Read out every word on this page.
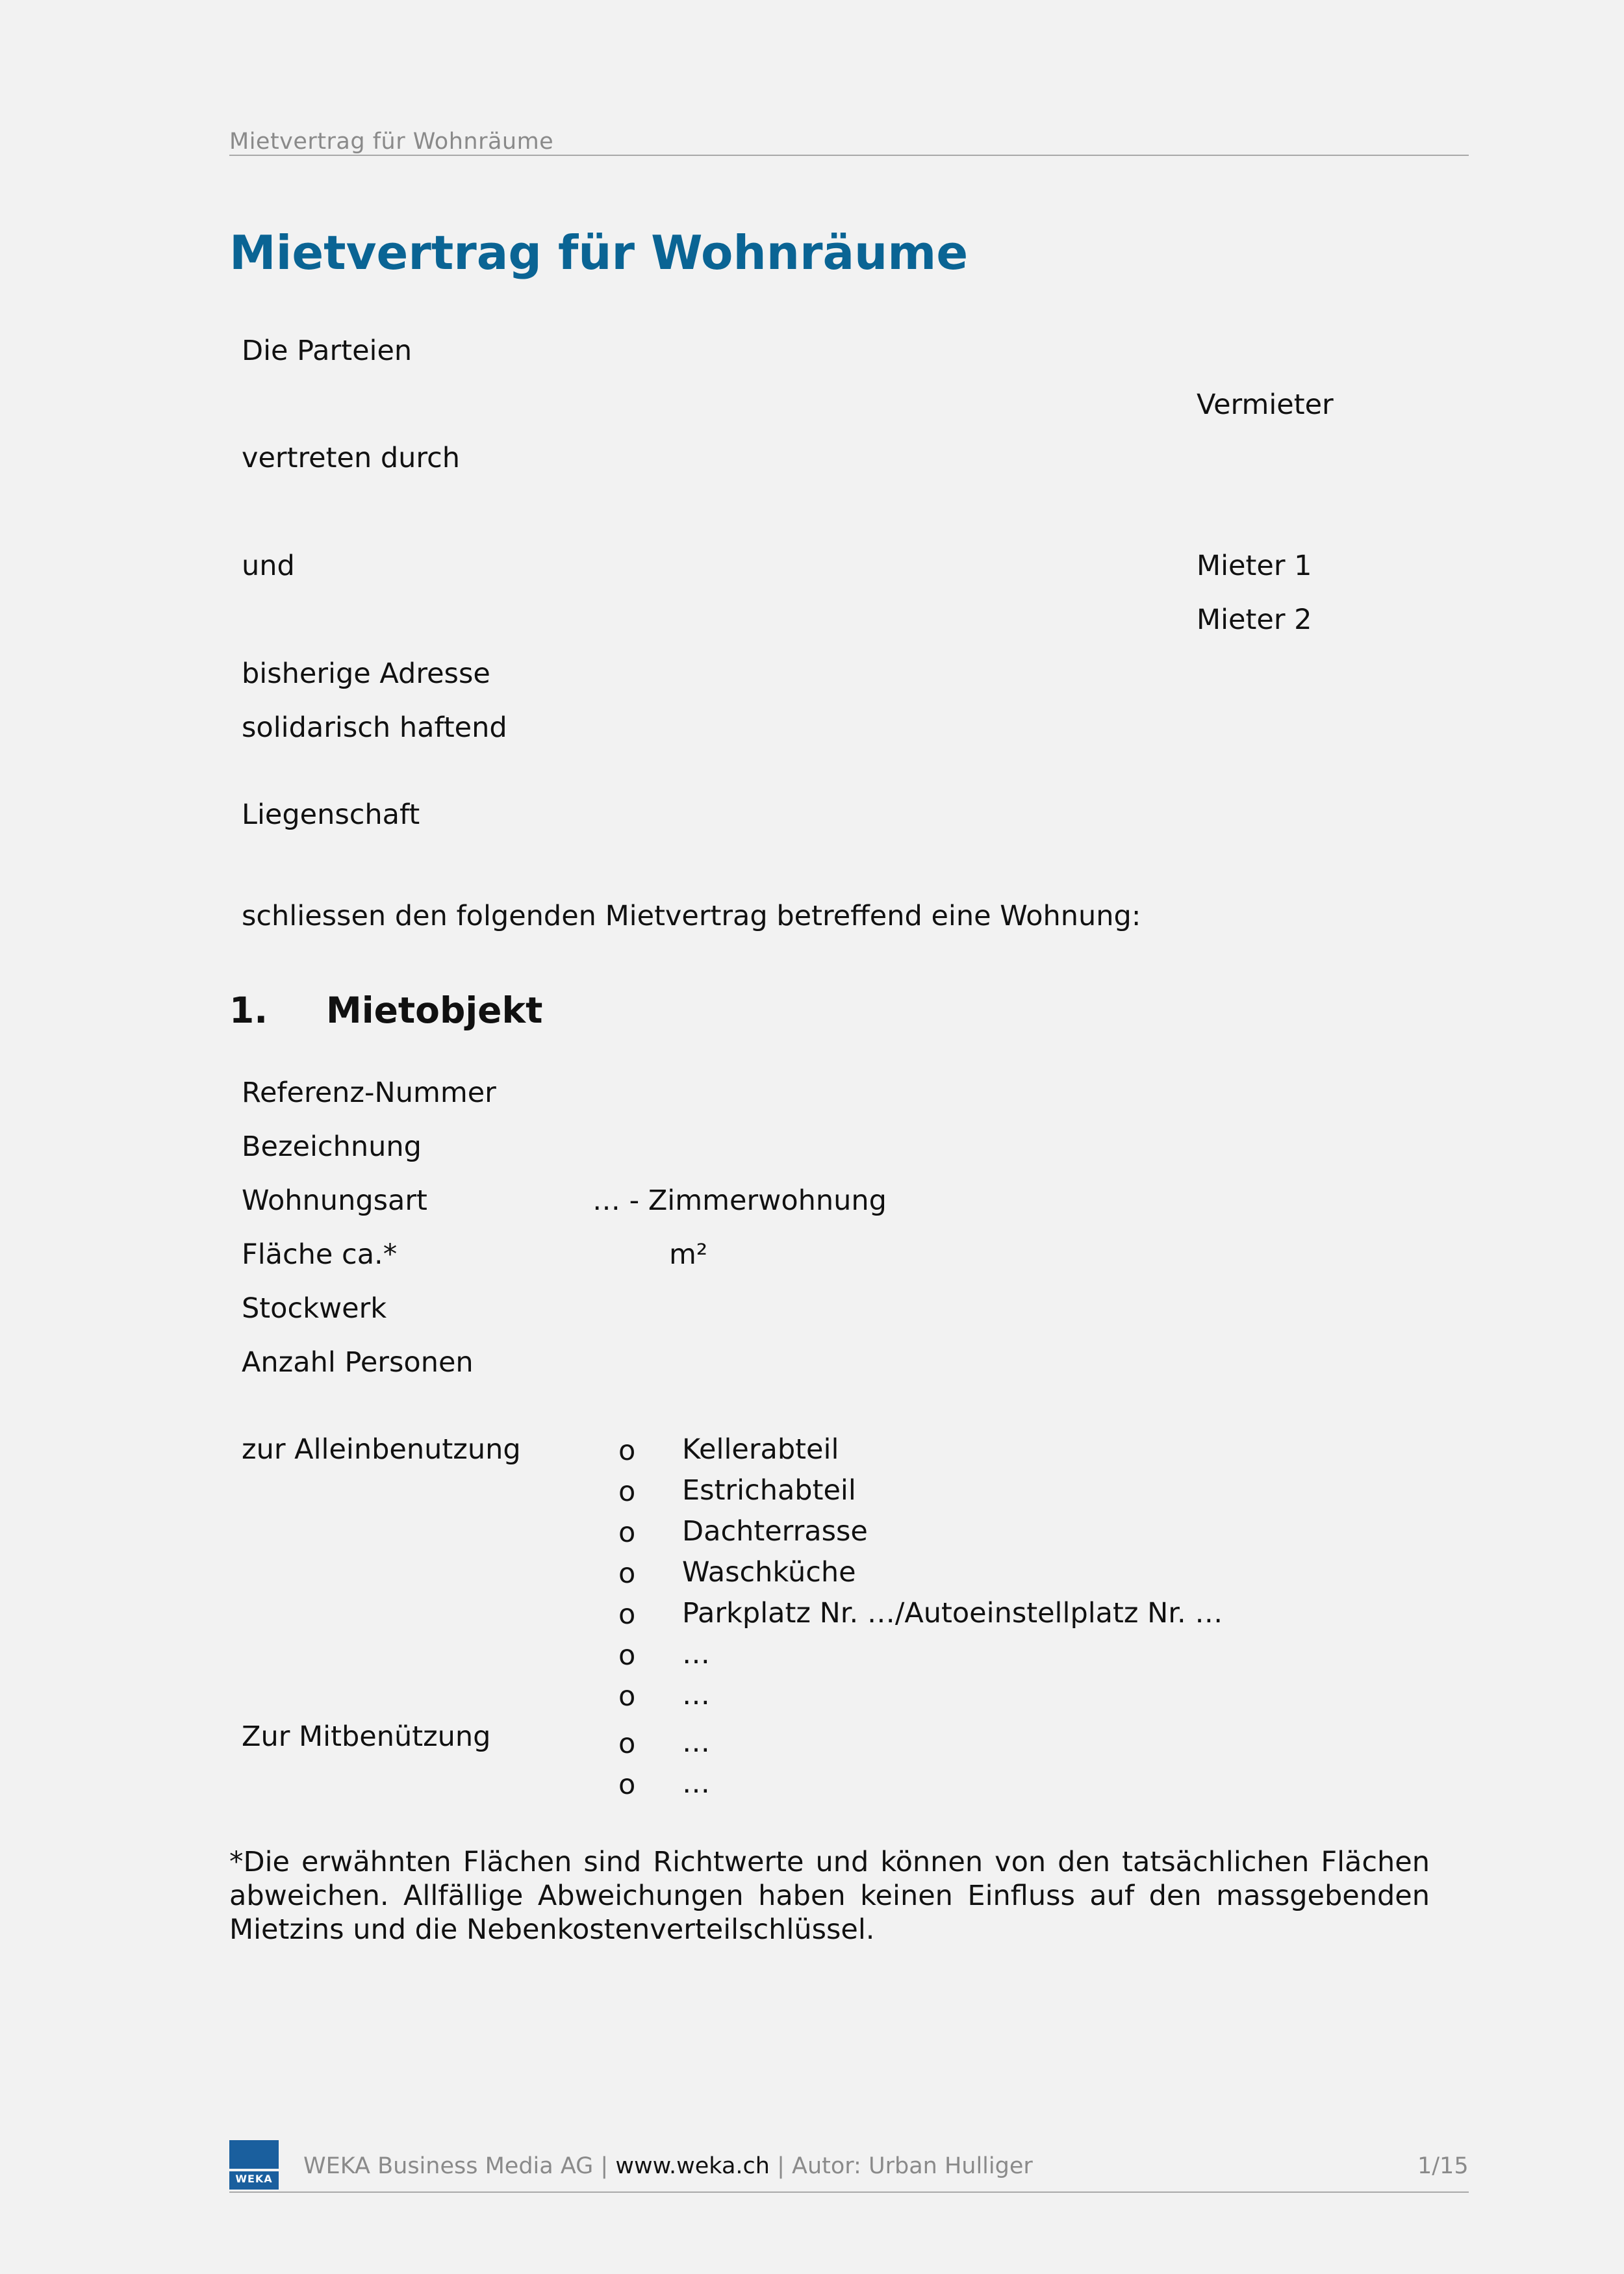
Mietvertrag für Wohnräume
Mietvertrag für Wohnräume
Die Parteien
Vermieter
vertreten durch
und	Mieter 1
Mieter 2
bisherige Adresse
solidarisch haftend
Liegenschaft
schliessen den folgenden Mietvertrag betreffend eine Wohnung:
1. Mietobjekt
Referenz-Nummer
Bezeichnung
Wohnungsart	… - Zimmerwohnung
Fläche ca.*	m²
Stockwerk
Anzahl Personen
zur Alleinbenutzung	o Kellerabteil
o Estrichabteil
o Dachterrasse
o Waschküche
o Parkplatz Nr. …/Autoeinstellplatz Nr. …
o …
o …
Zur Mitbenützung	o …
o …

*Die erwähnten Flächen sind Richtwerte und können von den tatsächlichen Flächen abweichen. Allfällige Abweichungen haben keinen Einfluss auf den massgebenden Mietzins und die Nebenkostenverteilschlüssel.

WEKA WEKA Business Media AG | www.weka.ch | Autor: Urban Hulliger	1/15
